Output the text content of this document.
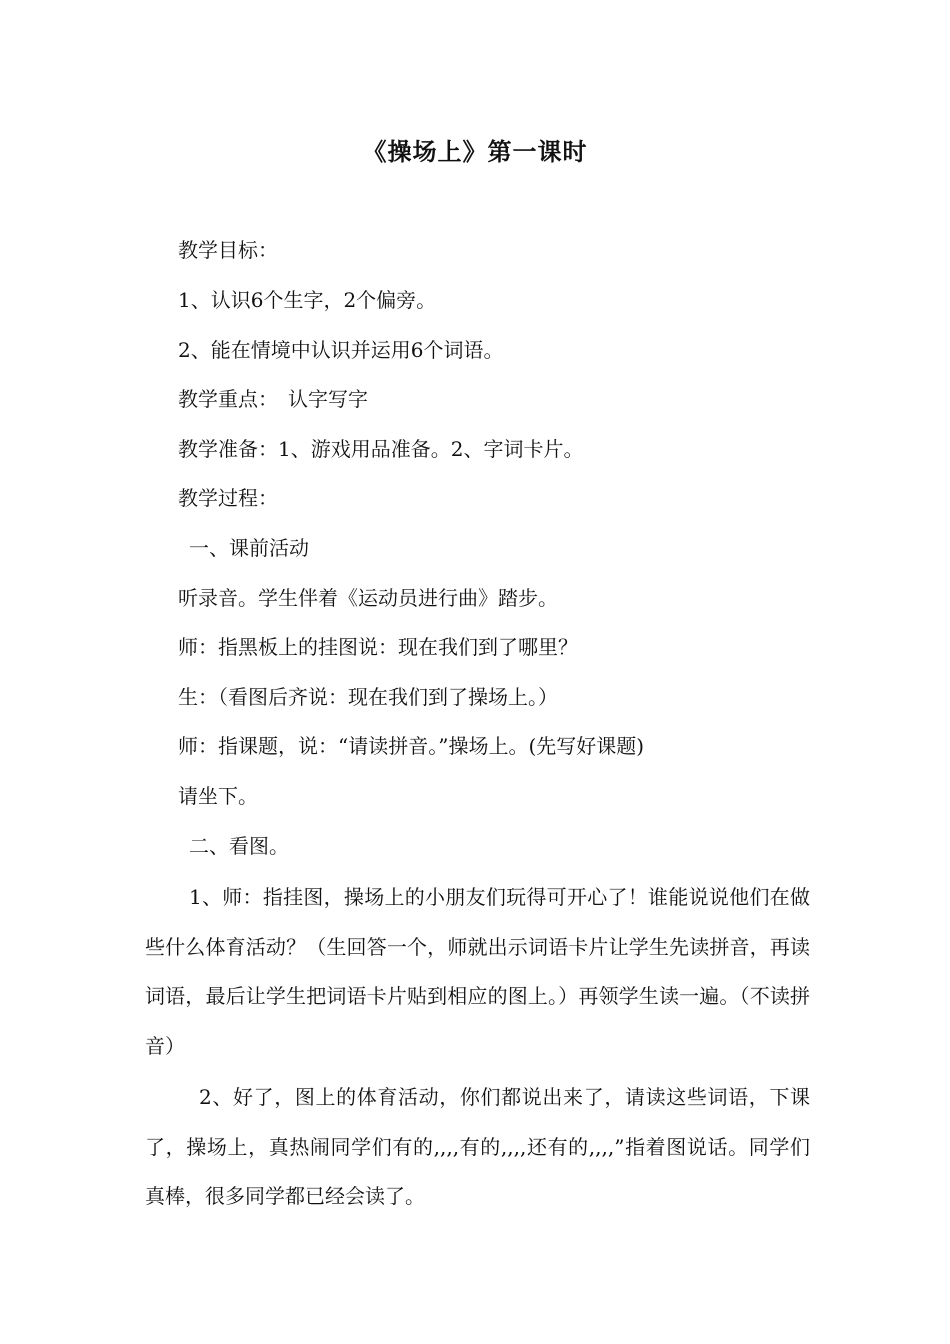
《操场上》第一课时
教学目标：
1、认识6个生字，2个偏旁。
2、能在情境中认识并运用6个词语。
教学重点：　认字写字
教学准备：1、游戏用品准备。2、字词卡片。
教学过程：
一、课前活动
听录音。学生伴着《运动员进行曲》踏步。
师：指黑板上的挂图说：现在我们到了哪里？
生：（看图后齐说：现在我们到了操场上。）
师：指课题，说：“请读拼音。”操场上。(先写好课题)
请坐下。
二、看图。
1、师：指挂图，操场上的小朋友们玩得可开心了！谁能说说他们在做些什么体育活动？（生回答一个，师就出示词语卡片让学生先读拼音，再读词语，最后让学生把词语卡片贴到相应的图上。）再领学生读一遍。（不读拼音）
2、好了，图上的体育活动，你们都说出来了，请读这些词语，下课了，操场上，真热闹同学们有的,,,,有的,,,,还有的,,,,”指着图说话。同学们真棒，很多同学都已经会读了。
